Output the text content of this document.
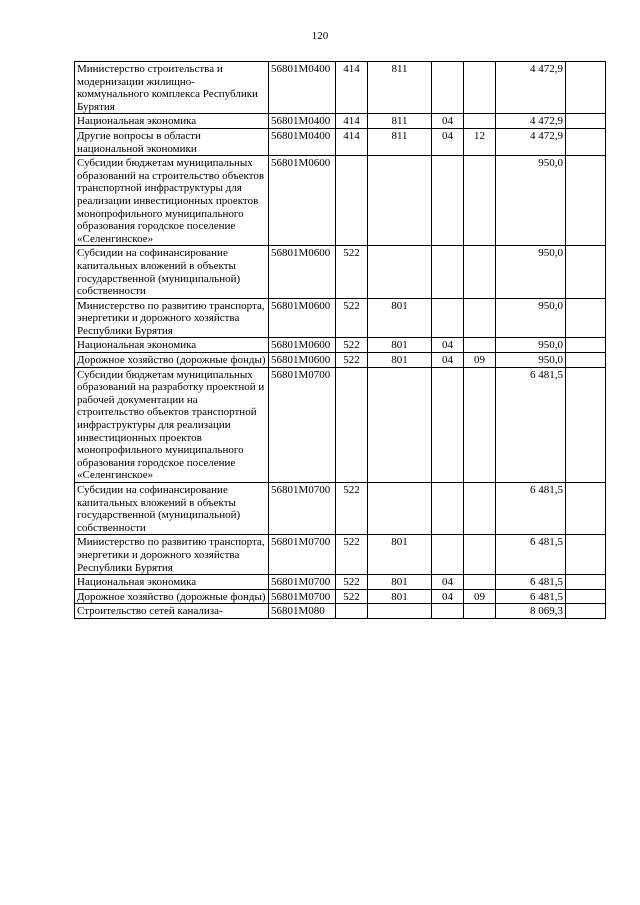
120
Министерство строительства и модернизации жилищно-коммунального комплекса Республики Бурятия	56801М0400	414	811			4 472,9	
Национальная экономика	56801М0400	414	811	04		4 472,9	
Другие вопросы в области национальной экономики	56801М0400	414	811	04	12	4 472,9	
Субсидии бюджетам муниципальных образований на строительство объектов транспортной инфраструктуры для реализации инвестиционных проектов монопрофильного муниципального образования городское поселение «Селенгинское»	56801М0600					950,0	
Субсидии на софинансирование капитальных вложений в объекты государственной (муниципальной) собственности	56801М0600	522				950,0	
Министерство по развитию транспорта, энергетики и дорожного хозяйства Республики Бурятия	56801М0600	522	801			950,0	
Национальная экономика	56801М0600	522	801	04		950,0	
Дорожное хозяйство (дорожные фонды)	56801М0600	522	801	04	09	950,0	
Субсидии бюджетам муниципальных образований на разработку проектной и рабочей документации на строительство объектов транспортной инфраструктуры для реализации инвестиционных проектов монопрофильного муниципального образования городское поселение «Селенгинское»	56801М0700					6 481,5	
Субсидии на софинансирование капитальных вложений в объекты государственной (муниципальной) собственности	56801М0700	522				6 481,5	
Министерство по развитию транспорта, энергетики и дорожного хозяйства Республики Бурятия	56801М0700	522	801			6 481,5	
Национальная экономика	56801М0700	522	801	04		6 481,5	
Дорожное хозяйство (дорожные фонды)	56801М0700	522	801	04	09	6 481,5	
Строительство сетей канализа-	56801М080					8 069,3	
